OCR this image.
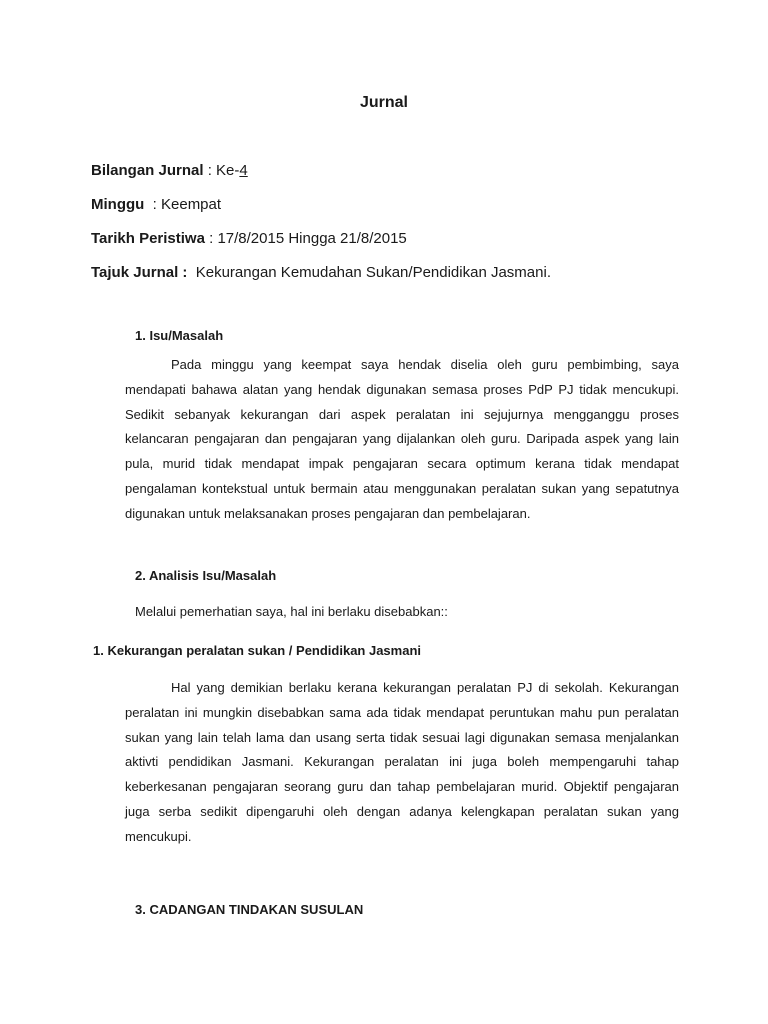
Jurnal
Bilangan Jurnal : Ke-4
Minggu  : Keempat
Tarikh Peristiwa : 17/8/2015 Hingga 21/8/2015
Tajuk Jurnal :  Kekurangan Kemudahan Sukan/Pendidikan Jasmani.
1. Isu/Masalah

Pada minggu yang keempat saya hendak diselia oleh guru pembimbing, saya mendapati bahawa alatan yang hendak digunakan semasa proses PdP PJ tidak mencukupi. Sedikit sebanyak kekurangan dari aspek peralatan ini sejujurnya mengganggu proses kelancaran pengajaran dan pengajaran yang dijalankan oleh guru. Daripada aspek yang lain pula, murid tidak mendapat impak pengajaran secara optimum kerana tidak mendapat pengalaman kontekstual untuk bermain atau menggunakan peralatan sukan yang sepatutnya digunakan untuk melaksanakan proses pengajaran dan pembelajaran.

2. Analisis Isu/Masalah
Melalui pemerhatian saya, hal ini berlaku disebabkan::
1. Kekurangan peralatan sukan / Pendidikan Jasmani

Hal yang demikian berlaku kerana kekurangan peralatan PJ di sekolah. Kekurangan peralatan ini mungkin disebabkan sama ada tidak mendapat peruntukan mahu pun peralatan sukan yang lain telah lama dan usang serta tidak sesuai lagi digunakan semasa menjalankan aktivti pendidikan Jasmani. Kekurangan peralatan ini juga boleh mempengaruhi tahap keberkesanan pengajaran seorang guru dan tahap pembelajaran murid. Objektif pengajaran juga serba sedikit dipengaruhi oleh dengan adanya kelengkapan peralatan sukan yang mencukupi.

3. CADANGAN TINDAKAN SUSULAN
